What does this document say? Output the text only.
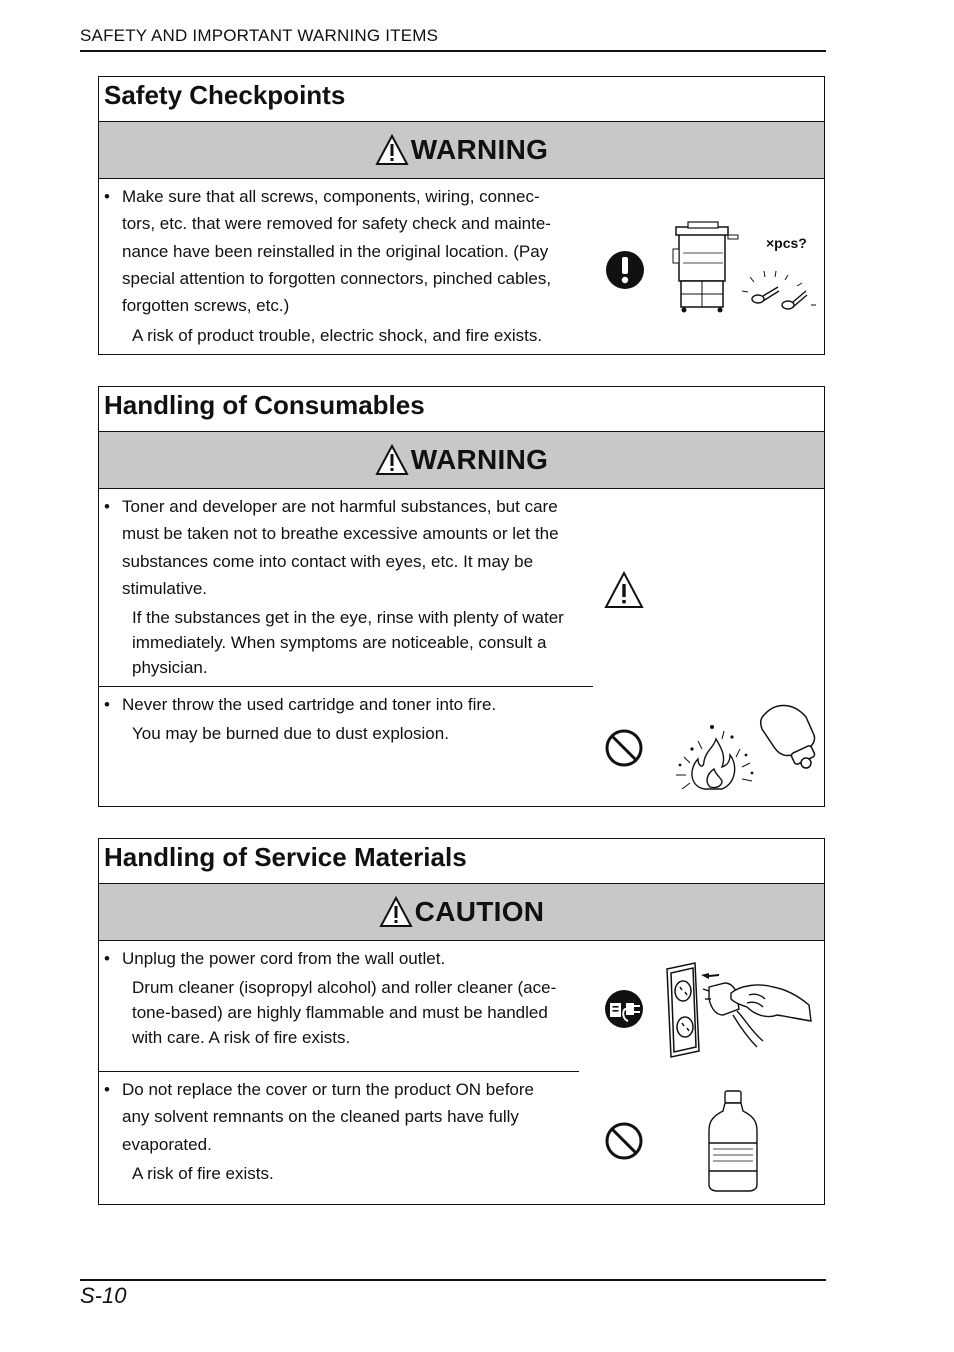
SAFETY AND IMPORTANT WARNING ITEMS
Safety Checkpoints
WARNING
• Make sure that all screws, components, wiring, connec-
tors, etc. that were removed for safety check and mainte-
nance have been reinstalled in the original location. (Pay
special attention to forgotten connectors, pinched cables,
forgotten screws, etc.)
A risk of product trouble, electric shock, and fire exists.
×pcs?
Handling of Consumables
WARNING
• Toner and developer are not harmful substances, but care
must be taken not to breathe excessive amounts or let the
substances come into contact with eyes, etc. It may be
stimulative.
If the substances get in the eye, rinse with plenty of water
immediately. When symptoms are noticeable, consult a
physician.
• Never throw the used cartridge and toner into fire.
You may be burned due to dust explosion.
Handling of Service Materials
CAUTION
• Unplug the power cord from the wall outlet.
Drum cleaner (isopropyl alcohol) and roller cleaner (ace-
tone-based) are highly flammable and must be handled
with care. A risk of fire exists.
• Do not replace the cover or turn the product ON before
any solvent remnants on the cleaned parts have fully
evaporated.
A risk of fire exists.
S-10
